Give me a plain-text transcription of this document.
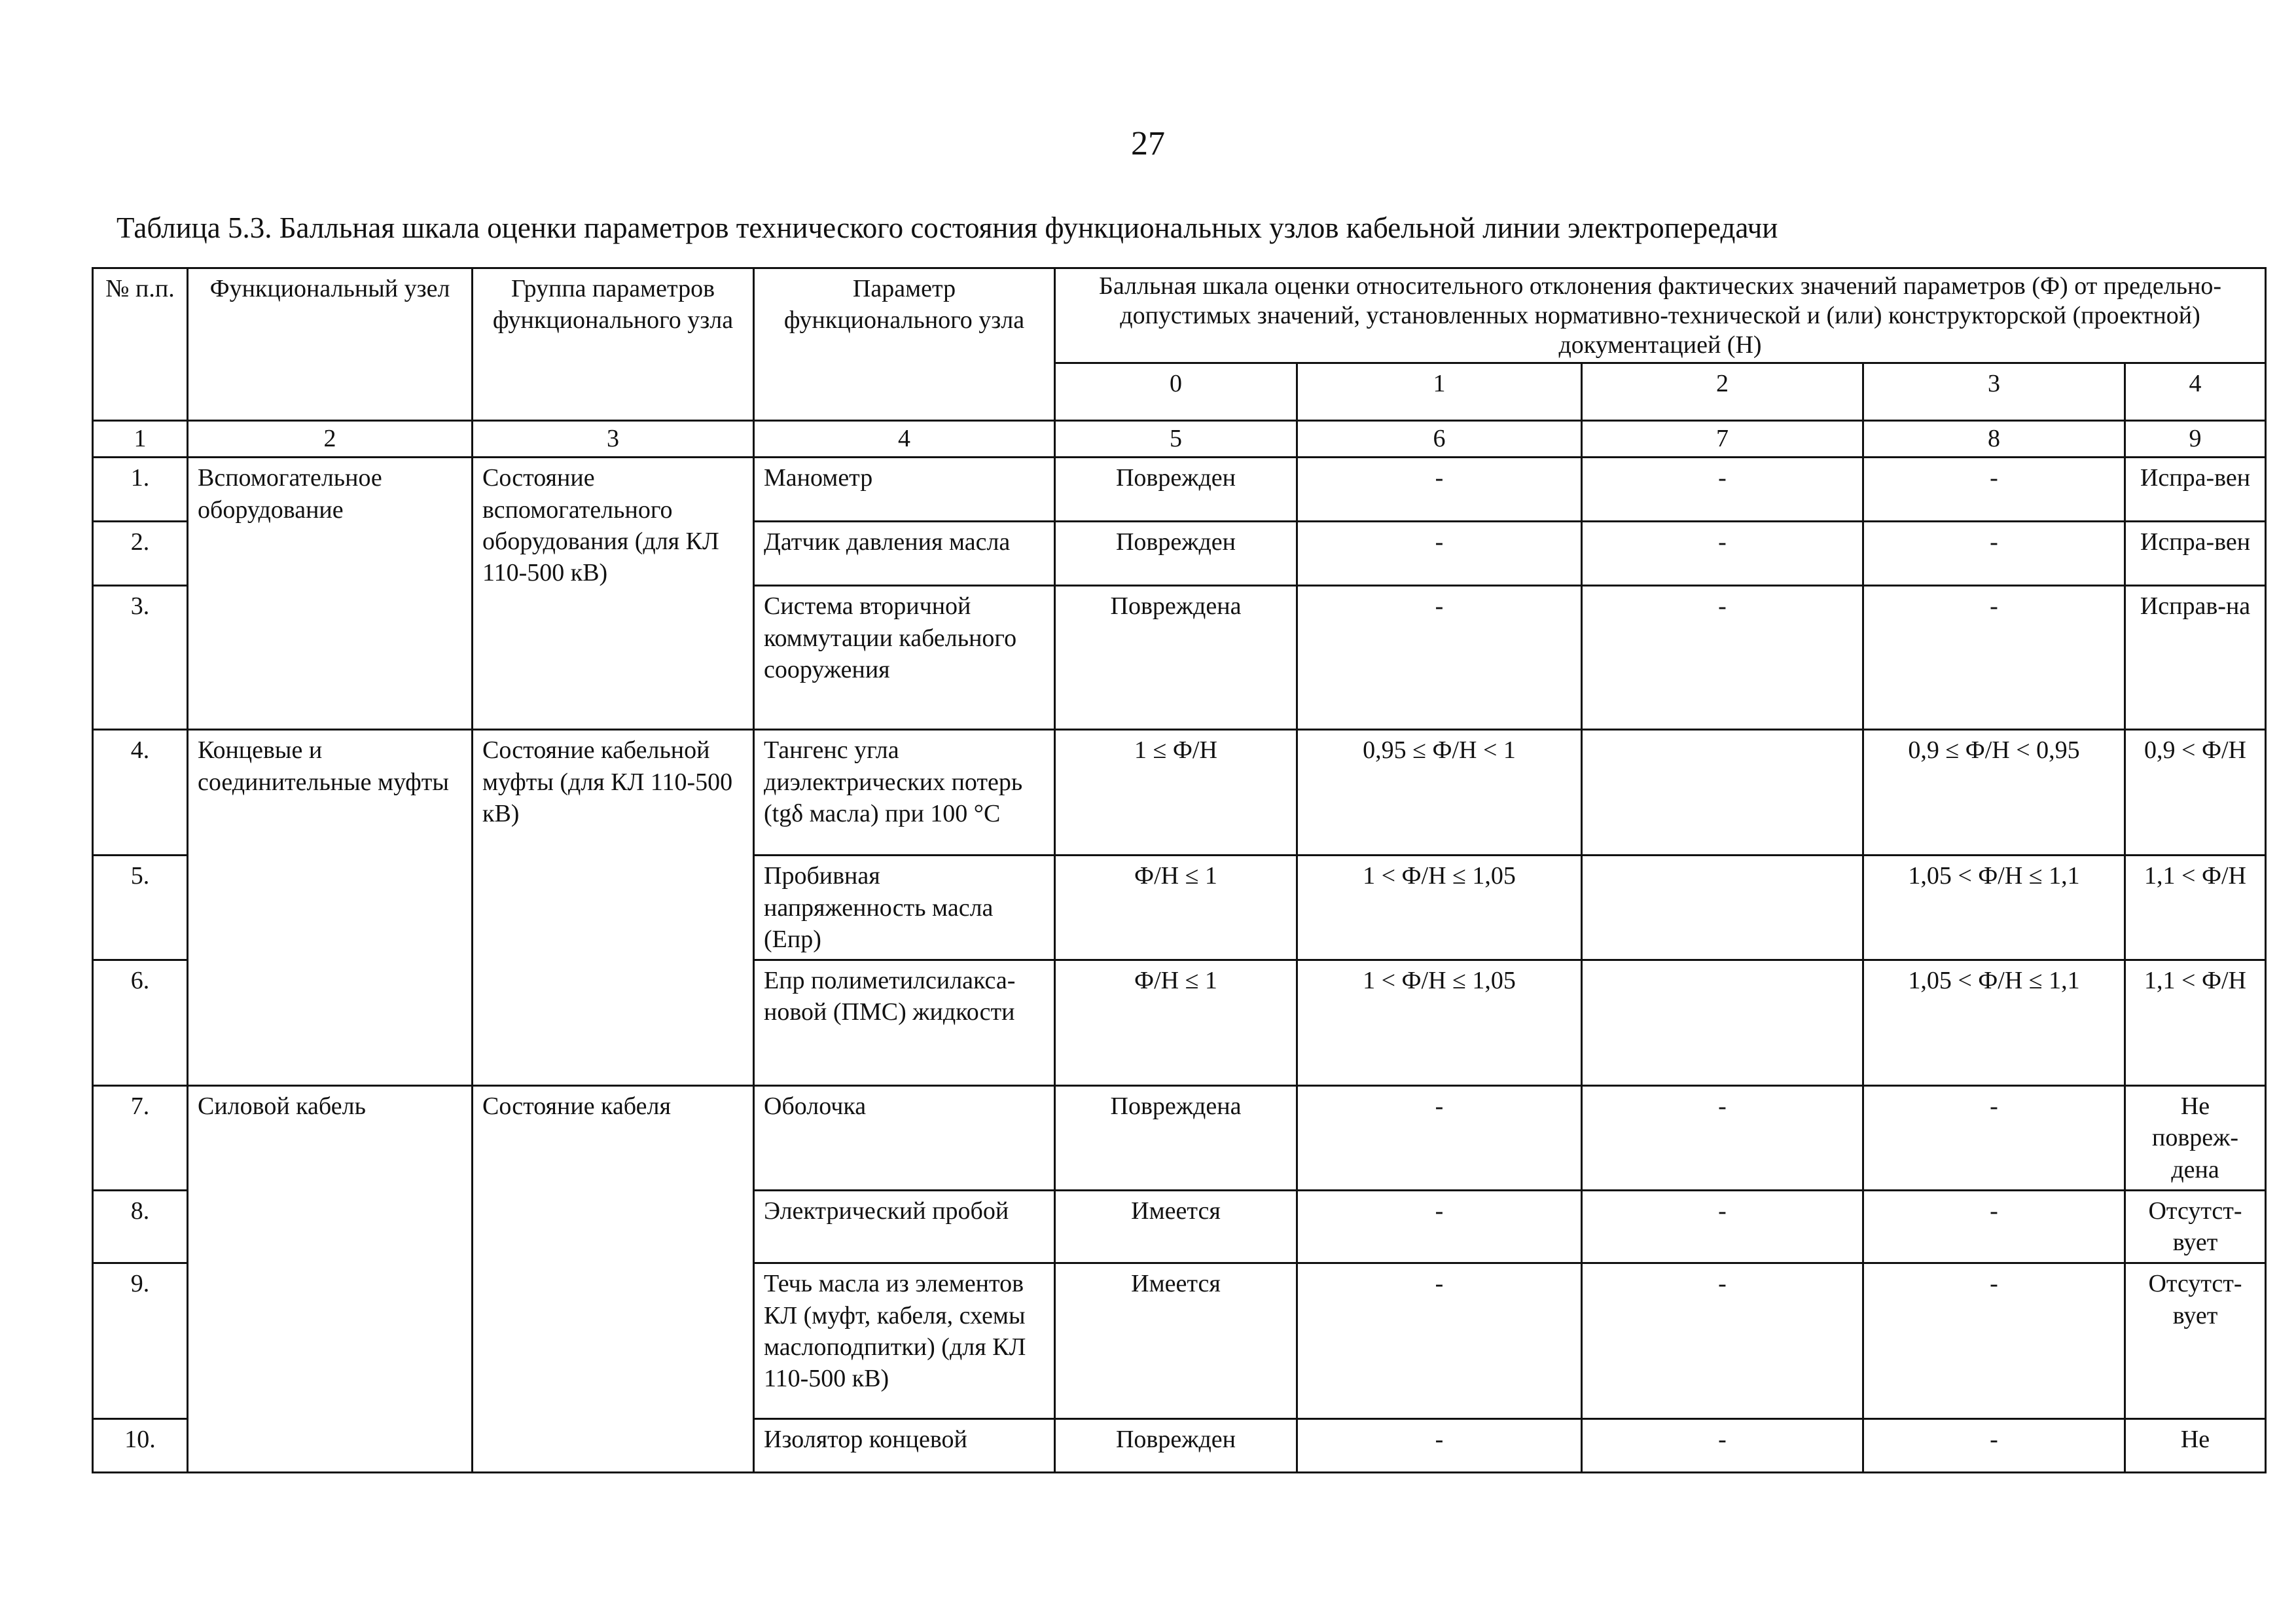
27
Таблица 5.3. Балльная шкала оценки параметров технического состояния функциональных узлов кабельной линии электропередачи
№ п.п.	Функциональный узел	Группа параметров функционального узла	Параметр функционального узла	Балльная шкала оценки относительного отклонения фактических значений параметров (Ф) от предельно-допустимых значений, установленных нормативно-технической и (или) конструкторской (проектной) документацией (Н)				
				0	1	2	3	4
1	2	3	4	5	6	7	8	9
1.	Вспомогательное оборудование	Состояние вспомогательного оборудования (для КЛ 110-500 кВ)	Манометр	Поврежден	-	-	-	Испра-вен
2.			Датчик давления масла	Поврежден	-	-	-	Испра-вен
3.			Система вторичной коммутации кабельного сооружения	Повреждена	-	-	-	Исправ-на
4.	Концевые и соединительные муфты	Состояние кабельной муфты (для КЛ 110-500 кВ)	Тангенс угла диэлектрических потерь (tgδ масла) при 100 °С	1 ≤ Ф/Н	0,95 ≤ Ф/Н < 1		0,9 ≤ Ф/Н < 0,95	0,9 < Ф/Н
5.			Пробивная напряженность масла (Eпр)	Ф/Н ≤ 1	1 < Ф/Н ≤ 1,05		1,05 < Ф/Н ≤ 1,1	1,1 < Ф/Н
6.			Eпр полиметилсилакса-новой (ПМС) жидкости	Ф/Н ≤ 1	1 < Ф/Н ≤ 1,05		1,05 < Ф/Н ≤ 1,1	1,1 < Ф/Н
7.	Силовой кабель	Состояние кабеля	Оболочка	Повреждена	-	-	-	Не повреж-дена
8.			Электрический пробой	Имеется	-	-	-	Отсутст-вует
9.			Течь масла из элементов КЛ (муфт, кабеля, схемы маслоподпитки) (для КЛ 110-500 кВ)	Имеется	-	-	-	Отсутст-вует
10.			Изолятор концевой	Поврежден	-	-	-	Не
